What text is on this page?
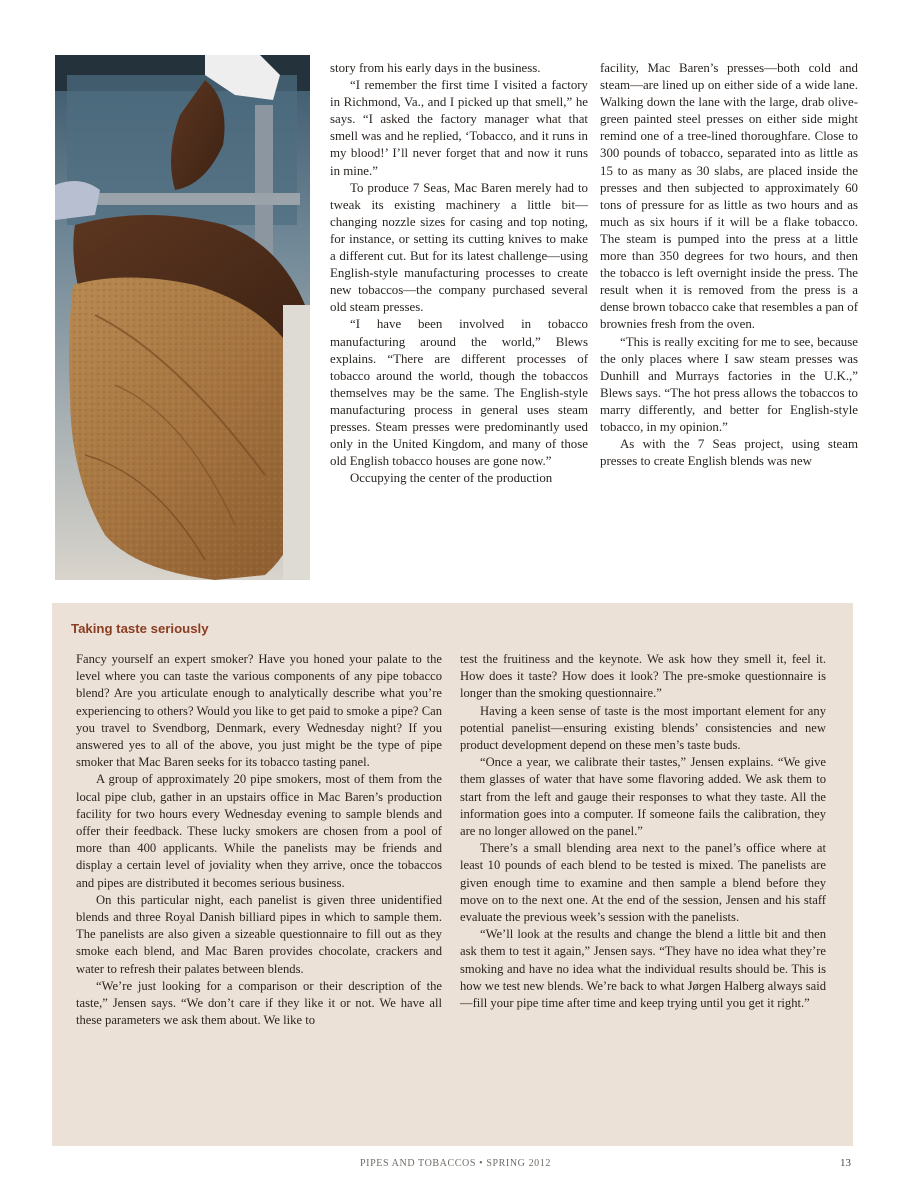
story from his early days in the business.

“I remember the first time I visited a factory in Richmond, Va., and I picked up that smell,” he says. “I asked the factory manager what that smell was and he replied, ‘Tobacco, and it runs in my blood!’ I’ll never forget that and now it runs in mine.”

To produce 7 Seas, Mac Baren merely had to tweak its existing machinery a little bit—changing nozzle sizes for casing and top noting, for instance, or setting its cutting knives to make a different cut. But for its latest challenge—using English-style manufacturing processes to create new tobaccos—the company purchased several old steam presses.

“I have been involved in tobacco manufacturing around the world,” Blews explains. “There are different processes of tobacco around the world, though the tobaccos themselves may be the same. The English-style manufacturing process in general uses steam presses. Steam presses were predominantly used only in the United Kingdom, and many of those old English tobacco houses are gone now.”

Occupying the center of the production

facility, Mac Baren’s presses—both cold and steam—are lined up on either side of a wide lane. Walking down the lane with the large, drab olive-green painted steel presses on either side might remind one of a tree-lined thoroughfare. Close to 300 pounds of tobacco, separated into as little as 15 to as many as 30 slabs, are placed inside the presses and then subjected to approximately 60 tons of pressure for as little as two hours and as much as six hours if it will be a flake tobacco. The steam is pumped into the press at a little more than 350 degrees for two hours, and then the tobacco is left overnight inside the press. The result when it is removed from the press is a dense brown tobacco cake that resembles a pan of brownies fresh from the oven.

“This is really exciting for me to see, because the only places where I saw steam presses was Dunhill and Murrays factories in the U.K.,” Blews says. “The hot press allows the tobaccos to marry differently, and better for English-style tobacco, in my opinion.”

As with the 7 Seas project, using steam presses to create English blends was new

Taking taste seriously

Fancy yourself an expert smoker? Have you honed your palate to the level where you can taste the various components of any pipe tobacco blend? Are you articulate enough to analytically describe what you’re experiencing to others? Would you like to get paid to smoke a pipe? Can you travel to Svendborg, Denmark, every Wednesday night? If you answered yes to all of the above, you just might be the type of pipe smoker that Mac Baren seeks for its tobacco tasting panel.

A group of approximately 20 pipe smokers, most of them from the local pipe club, gather in an upstairs office in Mac Baren’s production facility for two hours every Wednesday evening to sample blends and offer their feedback. These lucky smokers are chosen from a pool of more than 400 applicants. While the panelists may be friends and display a certain level of joviality when they arrive, once the tobaccos and pipes are distributed it becomes serious business.

On this particular night, each panelist is given three unidentified blends and three Royal Danish billiard pipes in which to sample them. The panelists are also given a sizeable questionnaire to fill out as they smoke each blend, and Mac Baren provides chocolate, crackers and water to refresh their palates between blends.

“We’re just looking for a comparison or their description of the taste,” Jensen says. “We don’t care if they like it or not. We have all these parameters we ask them about. We like to

test the fruitiness and the keynote. We ask how they smell it, feel it. How does it taste? How does it look? The pre-smoke questionnaire is longer than the smoking questionnaire.”

Having a keen sense of taste is the most important element for any potential panelist—ensuring existing blends’ consistencies and new product development depend on these men’s taste buds.

“Once a year, we calibrate their tastes,” Jensen explains. “We give them glasses of water that have some flavoring added. We ask them to start from the left and gauge their responses to what they taste. All the information goes into a computer. If someone fails the calibration, they are no longer allowed on the panel.”

There’s a small blending area next to the panel’s office where at least 10 pounds of each blend to be tested is mixed. The panelists are given enough time to examine and then sample a blend before they move on to the next one. At the end of the session, Jensen and his staff evaluate the previous week’s session with the panelists.

“We’ll look at the results and change the blend a little bit and then ask them to test it again,” Jensen says. “They have no idea what they’re smoking and have no idea what the individual results should be. This is how we test new blends. We’re back to what Jørgen Halberg always said—fill your pipe time after time and keep trying until you get it right.”

PIPES AND TOBACCOS • SPRING 2012	13
